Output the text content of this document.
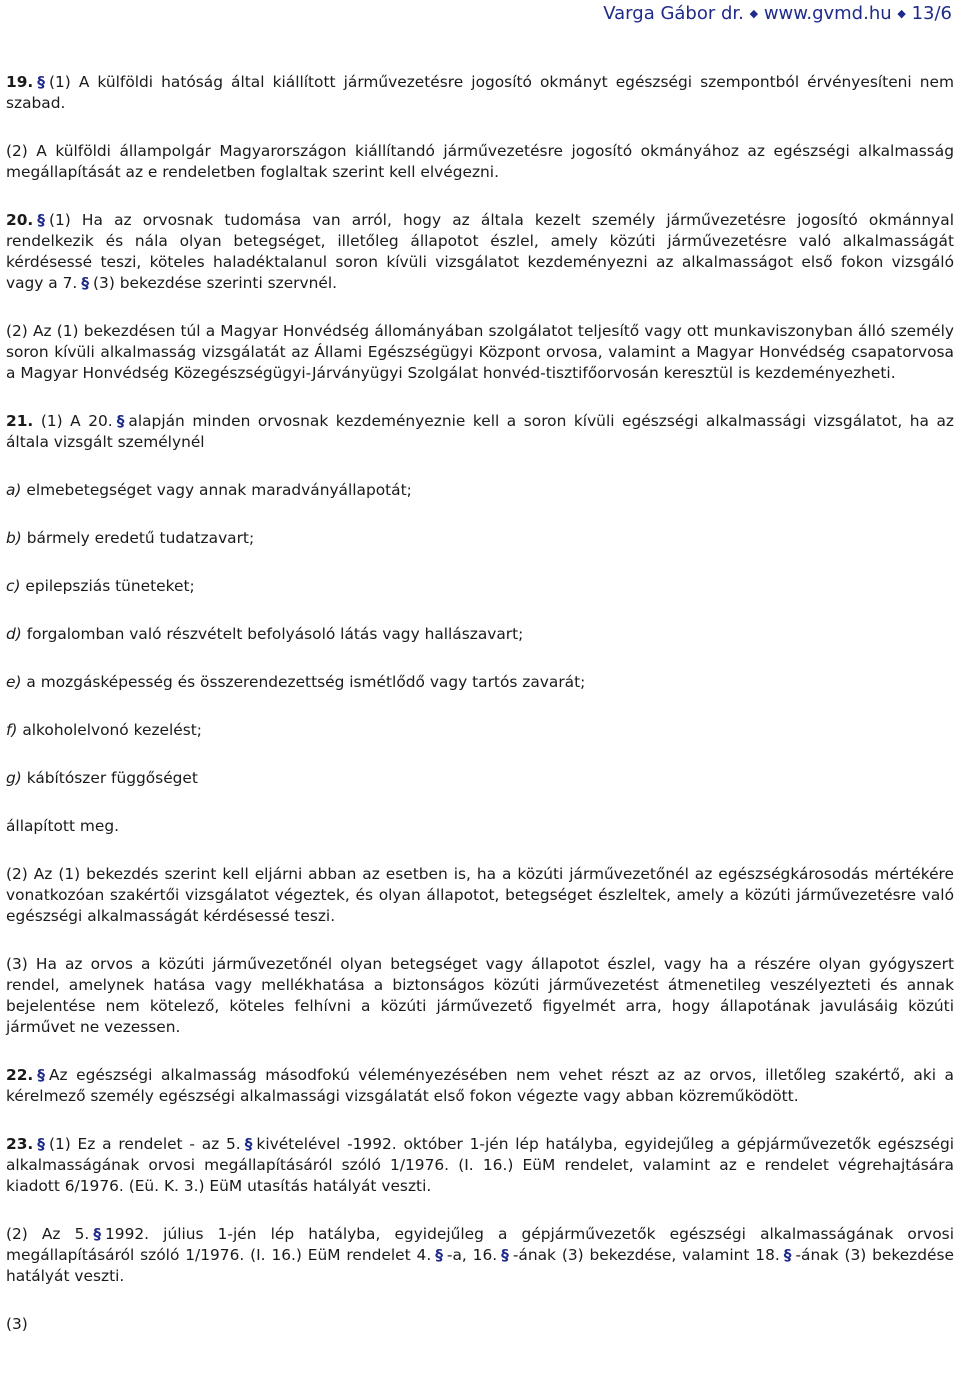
Varga Gábor dr. ◆ www.gvmd.hu ◆ 13/6

19. § (1) A külföldi hatóság által kiállított járművezetésre jogosító okmányt egészségi szempontból érvényesíteni nem szabad.

(2) A külföldi állampolgár Magyarországon kiállítandó járművezetésre jogosító okmányához az egészségi alkalmasság megállapítását az e rendeletben foglaltak szerint kell elvégezni.

20. § (1) Ha az orvosnak tudomása van arról, hogy az általa kezelt személy járművezetésre jogosító okmánnyal rendelkezik és nála olyan betegséget, illetőleg állapotot észlel, amely közúti járművezetésre való alkalmasságát kérdésessé teszi, köteles haladéktalanul soron kívüli vizsgálatot kezdeményezni az alkalmasságot első fokon vizsgáló vagy a 7. § (3) bekezdése szerinti szervnél.

(2) Az (1) bekezdésen túl a Magyar Honvédség állományában szolgálatot teljesítő vagy ott munkaviszonyban álló személy soron kívüli alkalmasság vizsgálatát az Állami Egészségügyi Központ orvosa, valamint a Magyar Honvédség csapatorvosa a Magyar Honvédség Közegészségügyi-Járványügyi Szolgálat honvéd-tisztifőorvosán keresztül is kezdeményezheti.

21. (1) A 20. § alapján minden orvosnak kezdeményeznie kell a soron kívüli egészségi alkalmassági vizsgálatot, ha az általa vizsgált személynél

a) elmebetegséget vagy annak maradványállapotát;

b) bármely eredetű tudatzavart;

c) epilepsziás tüneteket;

d) forgalomban való részvételt befolyásoló látás vagy hallászavart;

e) a mozgásképesség és összerendezettség ismétlődő vagy tartós zavarát;

f) alkoholelvonó kezelést;

g) kábítószer függőséget

állapított meg.

(2) Az (1) bekezdés szerint kell eljárni abban az esetben is, ha a közúti járművezetőnél az egészségkárosodás mértékére vonatkozóan szakértői vizsgálatot végeztek, és olyan állapotot, betegséget észleltek, amely a közúti járművezetésre való egészségi alkalmasságát kérdésessé teszi.

(3) Ha az orvos a közúti járművezetőnél olyan betegséget vagy állapotot észlel, vagy ha a részére olyan gyógyszert rendel, amelynek hatása vagy mellékhatása a biztonságos közúti járművezetést átmenetileg veszélyezteti és annak bejelentése nem kötelező, köteles felhívni a közúti járművezető figyelmét arra, hogy állapotának javulásáig közúti járművet ne vezessen.

22. § Az egészségi alkalmasság másodfokú véleményezésében nem vehet részt az az orvos, illetőleg szakértő, aki a kérelmező személy egészségi alkalmassági vizsgálatát első fokon végezte vagy abban közreműködött.

23. § (1) Ez a rendelet - az 5. § kivételével -1992. október 1-jén lép hatályba, egyidejűleg a gépjárművezetők egészségi alkalmasságának orvosi megállapításáról szóló 1/1976. (I. 16.) EüM rendelet, valamint az e rendelet végrehajtására kiadott 6/1976. (Eü. K. 3.) EüM utasítás hatályát veszti.

(2) Az 5. § 1992. július 1-jén lép hatályba, egyidejűleg a gépjárművezetők egészségi alkalmasságának orvosi megállapításáról szóló 1/1976. (I. 16.) EüM rendelet 4. § -a, 16. § -ának (3) bekezdése, valamint 18. § -ának (3) bekezdése hatályát veszti.

(3)
